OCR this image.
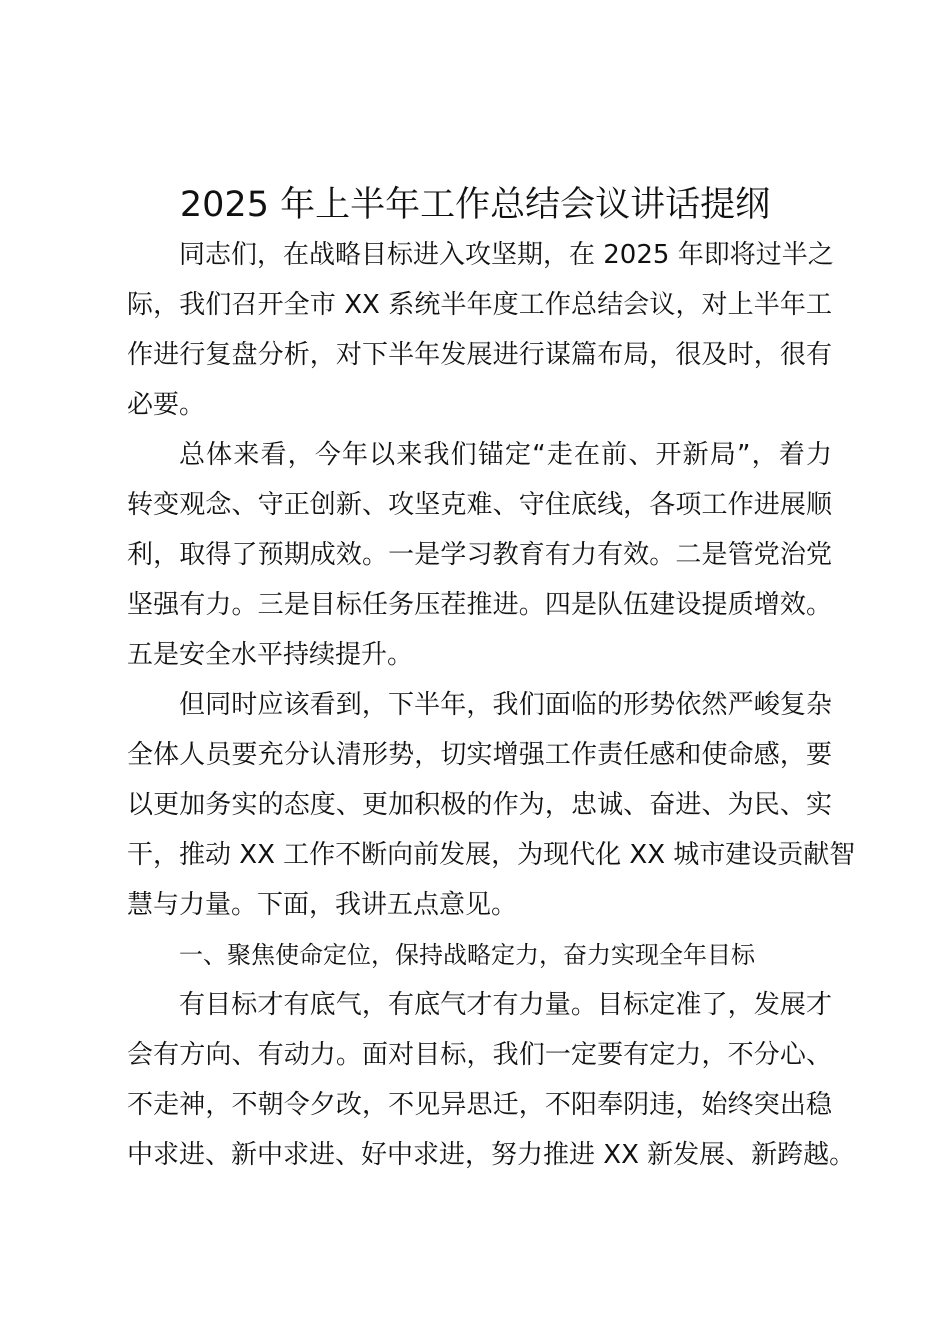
2025 年上半年工作总结会议讲话提纲
同志们，在战略目标进入攻坚期，在 2025 年即将过半之
际，我们召开全市 XX 系统半年度工作总结会议，对上半年工
作进行复盘分析，对下半年发展进行谋篇布局，很及时，很有
必要。
总体来看，今年以来我们锚定“走在前、开新局”，着力
转变观念、守正创新、攻坚克难、守住底线，各项工作进展顺
利，取得了预期成效。一是学习教育有力有效。二是管党治党
坚强有力。三是目标任务压茬推进。四是队伍建设提质增效。
五是安全水平持续提升。
但同时应该看到，下半年，我们面临的形势依然严峻复杂
全体人员要充分认清形势，切实增强工作责任感和使命感，要
以更加务实的态度、更加积极的作为，忠诚、奋进、为民、实
干，推动 XX 工作不断向前发展，为现代化 XX 城市建设贡献智
慧与力量。下面，我讲五点意见。
一、聚焦使命定位，保持战略定力，奋力实现全年目标
有目标才有底气，有底气才有力量。目标定准了，发展才
会有方向、有动力。面对目标，我们一定要有定力，不分心、
不走神，不朝令夕改，不见异思迁，不阳奉阴违，始终突出稳
中求进、新中求进、好中求进，努力推进 XX 新发展、新跨越。
